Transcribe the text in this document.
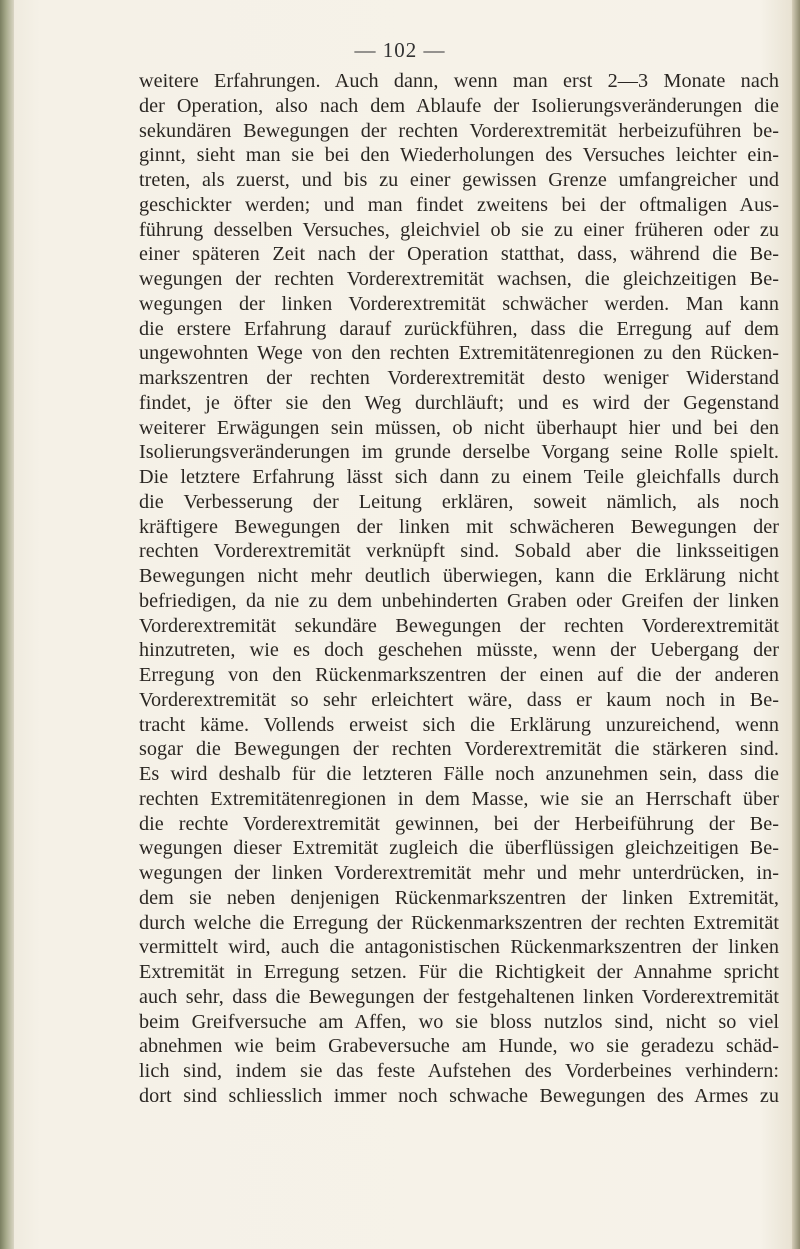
— 102 —
weitere Erfahrungen. Auch dann, wenn man erst 2—3 Monate nach
der Operation, also nach dem Ablaufe der Isolierungsveränderungen die
sekundären Bewegungen der rechten Vorderextremität herbeizuführen be-
ginnt, sieht man sie bei den Wiederholungen des Versuches leichter ein-
treten, als zuerst, und bis zu einer gewissen Grenze umfangreicher und
geschickter werden; und man findet zweitens bei der oftmaligen Aus-
führung desselben Versuches, gleichviel ob sie zu einer früheren oder zu
einer späteren Zeit nach der Operation statthat, dass, während die Be-
wegungen der rechten Vorderextremität wachsen, die gleichzeitigen Be-
wegungen der linken Vorderextremität schwächer werden. Man kann
die erstere Erfahrung darauf zurückführen, dass die Erregung auf dem
ungewohnten Wege von den rechten Extremitätenregionen zu den Rücken-
markszentren der rechten Vorderextremität desto weniger Widerstand
findet, je öfter sie den Weg durchläuft; und es wird der Gegenstand
weiterer Erwägungen sein müssen, ob nicht überhaupt hier und bei den
Isolierungsveränderungen im grunde derselbe Vorgang seine Rolle spielt.
Die letztere Erfahrung lässt sich dann zu einem Teile gleichfalls durch
die Verbesserung der Leitung erklären, soweit nämlich, als noch
kräftigere Bewegungen der linken mit schwächeren Bewegungen der
rechten Vorderextremität verknüpft sind. Sobald aber die linksseitigen
Bewegungen nicht mehr deutlich überwiegen, kann die Erklärung nicht
befriedigen, da nie zu dem unbehinderten Graben oder Greifen der linken
Vorderextremität sekundäre Bewegungen der rechten Vorderextremität
hinzutreten, wie es doch geschehen müsste, wenn der Uebergang der
Erregung von den Rückenmarkszentren der einen auf die der anderen
Vorderextremität so sehr erleichtert wäre, dass er kaum noch in Be-
tracht käme. Vollends erweist sich die Erklärung unzureichend, wenn
sogar die Bewegungen der rechten Vorderextremität die stärkeren sind.
Es wird deshalb für die letzteren Fälle noch anzunehmen sein, dass die
rechten Extremitätenregionen in dem Masse, wie sie an Herrschaft über
die rechte Vorderextremität gewinnen, bei der Herbeiführung der Be-
wegungen dieser Extremität zugleich die überflüssigen gleichzeitigen Be-
wegungen der linken Vorderextremität mehr und mehr unterdrücken, in-
dem sie neben denjenigen Rückenmarkszentren der linken Extremität,
durch welche die Erregung der Rückenmarkszentren der rechten Extremität
vermittelt wird, auch die antagonistischen Rückenmarkszentren der linken
Extremität in Erregung setzen. Für die Richtigkeit der Annahme spricht
auch sehr, dass die Bewegungen der festgehaltenen linken Vorderextremität
beim Greifversuche am Affen, wo sie bloss nutzlos sind, nicht so viel
abnehmen wie beim Grabeversuche am Hunde, wo sie geradezu schäd-
lich sind, indem sie das feste Aufstehen des Vorderbeines verhindern:
dort sind schliesslich immer noch schwache Bewegungen des Armes zu
